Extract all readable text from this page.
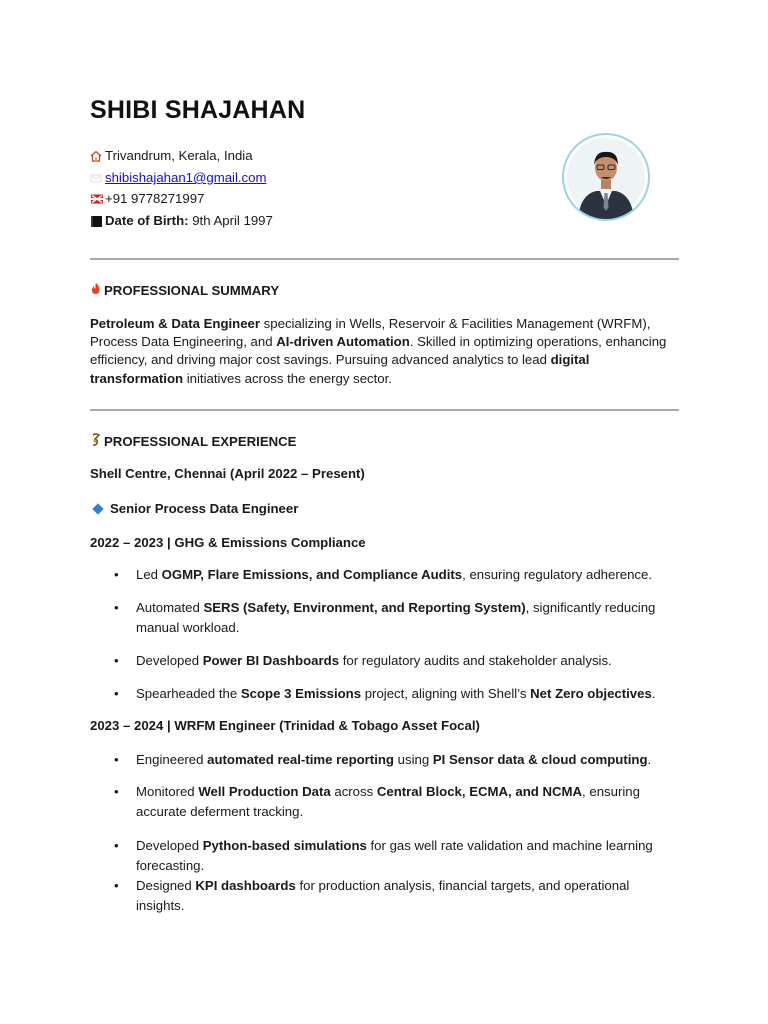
SHIBI SHAJAHAN
Trivandrum, Kerala, India
shibishajahan1@gmail.com
+91 9778271997
Date of Birth:
9th April 1997
PROFESSIONAL SUMMARY
Petroleum & Data Engineer specializing in Wells, Reservoir & Facilities Management (WRFM), Process Data Engineering, and AI-driven Automation. Skilled in optimizing operations, enhancing efficiency, and driving major cost savings. Pursuing advanced analytics to lead digital transformation initiatives across the energy sector.
PROFESSIONAL EXPERIENCE
Shell Centre, Chennai (April 2022 – Present)
Senior Process Data Engineer
2022 – 2023 | GHG & Emissions Compliance
•	Led OGMP, Flare Emissions, and Compliance Audits, ensuring regulatory adherence.
•	Automated SERS (Safety, Environment, and Reporting System), significantly reducing manual workload.
•	Developed Power BI Dashboards for regulatory audits and stakeholder analysis.
•	Spearheaded the Scope 3 Emissions project, aligning with Shell’s Net Zero objectives.
2023 – 2024 | WRFM Engineer (Trinidad & Tobago Asset Focal)
•	Engineered automated real-time reporting using PI Sensor data & cloud computing.
•	Monitored Well Production Data across Central Block, ECMA, and NCMA, ensuring accurate deferment tracking.
•	Developed Python-based simulations for gas well rate validation and machine learning forecasting.
•	Designed KPI dashboards for production analysis, financial targets, and operational insights.
